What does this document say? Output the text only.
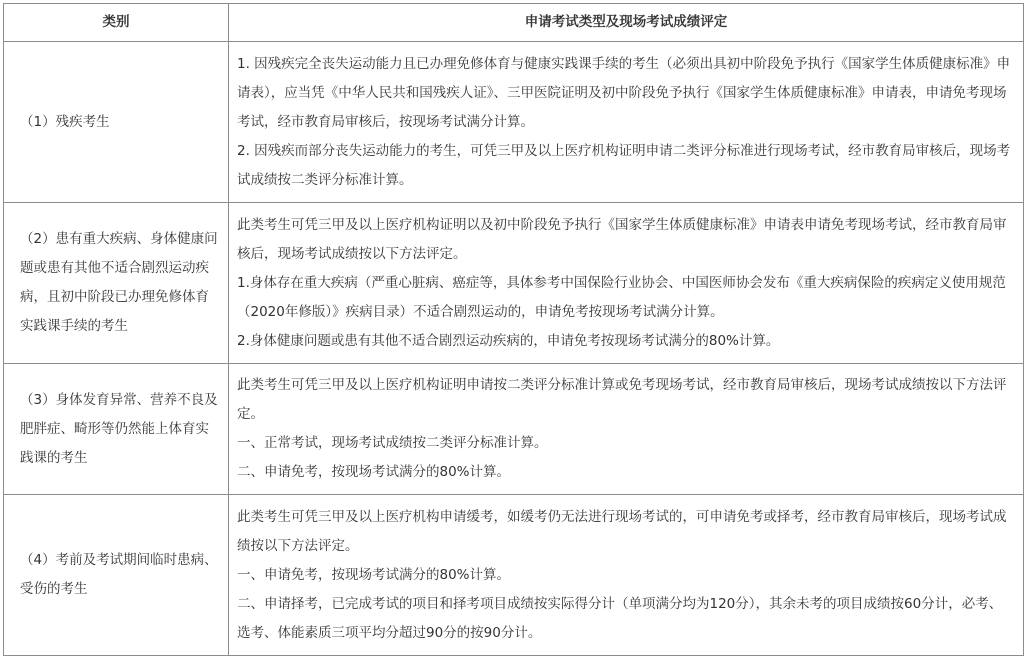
类别	申请考试类型及现场考试成绩评定
（1）残疾考生	1. 因残疾完全丧失运动能力且已办理免修体育与健康实践课手续的考生（必须出具初中阶段免予执行《国家学生体质健康标准》申请表），应当凭《中华人民共和国残疾人证》、三甲医院证明及初中阶段免予执行《国家学生体质健康标准》申请表，申请免考现场考试，经市教育局审核后，按现场考试满分计算。

2. 因残疾而部分丧失运动能力的考生，可凭三甲及以上医疗机构证明申请二类评分标准进行现场考试，经市教育局审核后，现场考试成绩按二类评分标准计算。

（2）患有重大疾病、身体健康问题或患有其他不适合剧烈运动疾病，且初中阶段已办理免修体育实践课手续的考生	此类考生可凭三甲及以上医疗机构证明以及初中阶段免予执行《国家学生体质健康标准》申请表申请免考现场考试，经市教育局审核后，现场考试成绩按以下方法评定。

1.身体存在重大疾病（严重心脏病、癌症等，具体参考中国保险行业协会、中国医师协会发布《重大疾病保险的疾病定义使用规范（2020年修版）》疾病目录）不适合剧烈运动的，申请免考按现场考试满分计算。

2.身体健康问题或患有其他不适合剧烈运动疾病的，申请免考按现场考试满分的80%计算。

（3）身体发育异常、营养不良及肥胖症、畸形等仍然能上体育实践课的考生	此类考生可凭三甲及以上医疗机构证明申请按二类评分标准计算或免考现场考试，经市教育局审核后，现场考试成绩按以下方法评定。

一、正常考试，现场考试成绩按二类评分标准计算。

二、申请免考，按现场考试满分的80%计算。

（4）考前及考试期间临时患病、受伤的考生	此类考生可凭三甲及以上医疗机构申请缓考，如缓考仍无法进行现场考试的，可申请免考或择考，经市教育局审核后，现场考试成绩按以下方法评定。

一、申请免考，按现场考试满分的80%计算。

二、申请择考，已完成考试的项目和择考项目成绩按实际得分计（单项满分均为120分），其余未考的项目成绩按60分计，必考、选考、体能素质三项平均分超过90分的按90分计。
